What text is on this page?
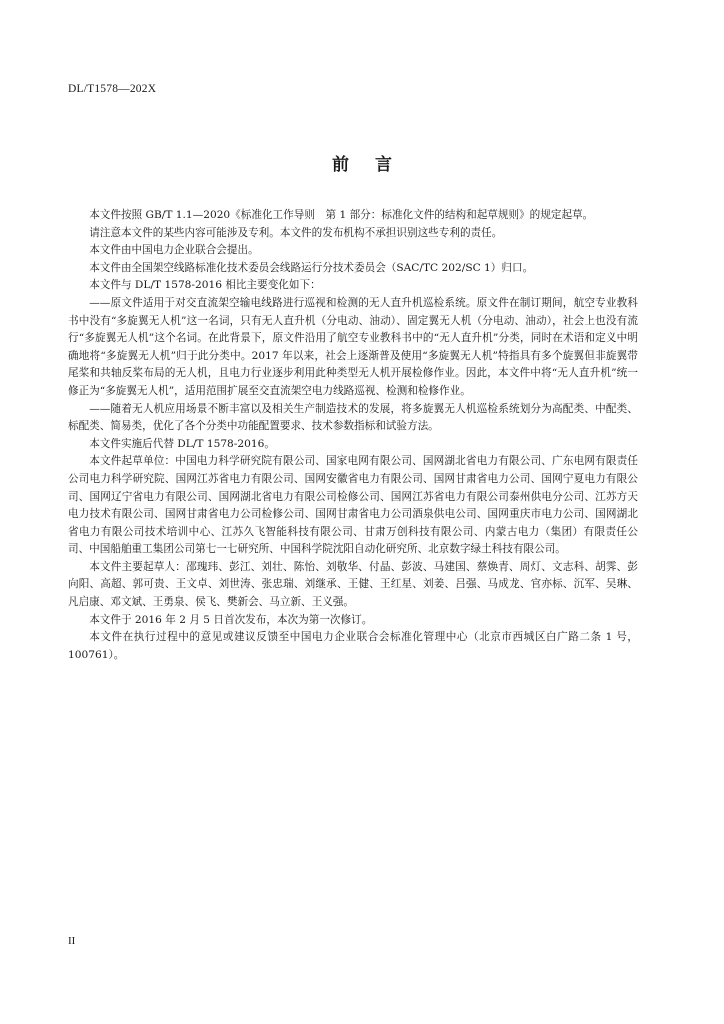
DL/T1578—202X
前 言

本文件按照 GB/T 1.1—2020《标准化工作导则　第 1 部分：标准化文件的结构和起草规则》的规定起草。

请注意本文件的某些内容可能涉及专利。本文件的发布机构不承担识别这些专利的责任。

本文件由中国电力企业联合会提出。

本文件由全国架空线路标准化技术委员会线路运行分技术委员会（SAC/TC 202/SC 1）归口。

本文件与 DL/T 1578-2016 相比主要变化如下：

——原文件适用于对交直流架空输电线路进行巡视和检测的无人直升机巡检系统。原文件在制订期间，航空专业教科书中没有“多旋翼无人机”这一名词，只有无人直升机（分电动、油动）、固定翼无人机（分电动、油动），社会上也没有流行“多旋翼无人机”这个名词。在此背景下，原文件沿用了航空专业教科书中的“无人直升机”分类，同时在术语和定义中明确地将“多旋翼无人机”归于此分类中。2017 年以来，社会上逐渐普及使用“多旋翼无人机”特指具有多个旋翼但非旋翼带尾桨和共轴反桨布局的无人机，且电力行业逐步利用此种类型无人机开展检修作业。因此，本文件中将“无人直升机”统一修正为“多旋翼无人机”，适用范围扩展至交直流架空电力线路巡视、检测和检修作业。

——随着无人机应用场景不断丰富以及相关生产制造技术的发展，将多旋翼无人机巡检系统划分为高配类、中配类、标配类、简易类，优化了各个分类中功能配置要求、技术参数指标和试验方法。

本文件实施后代替 DL/T 1578-2016。

本文件起草单位：中国电力科学研究院有限公司、国家电网有限公司、国网湖北省电力有限公司、广东电网有限责任公司电力科学研究院、国网江苏省电力有限公司、国网安徽省电力有限公司、国网甘肃省电力公司、国网宁夏电力有限公司、国网辽宁省电力有限公司、国网湖北省电力有限公司检修公司、国网江苏省电力有限公司泰州供电分公司、江苏方天电力技术有限公司、国网甘肃省电力公司检修公司、国网甘肃省电力公司酒泉供电公司、国网重庆市电力公司、国网湖北省电力有限公司技术培训中心、江苏久飞智能科技有限公司、甘肃万创科技有限公司、内蒙古电力（集团）有限责任公司、中国船舶重工集团公司第七一七研究所、中国科学院沈阳自动化研究所、北京数字绿土科技有限公司。

本文件主要起草人：邵瑰玮、彭江、刘壮、陈怡、刘敬华、付晶、彭波、马建国、蔡焕青、周灯、文志科、胡霁、彭向阳、高超、郭可贵、王文卓、刘世涛、张忠瑞、刘继承、王健、王红星、刘姜、吕强、马成龙、官亦标、沉军、吴琳、凡启康、邓文斌、王勇泉、侯飞、樊新会、马立新、王义强。

本文件于 2016 年 2 月 5 日首次发布，本次为第一次修订。

本文件在执行过程中的意见或建议反馈至中国电力企业联合会标准化管理中心（北京市西城区白广路二条 1 号，100761）。

II
